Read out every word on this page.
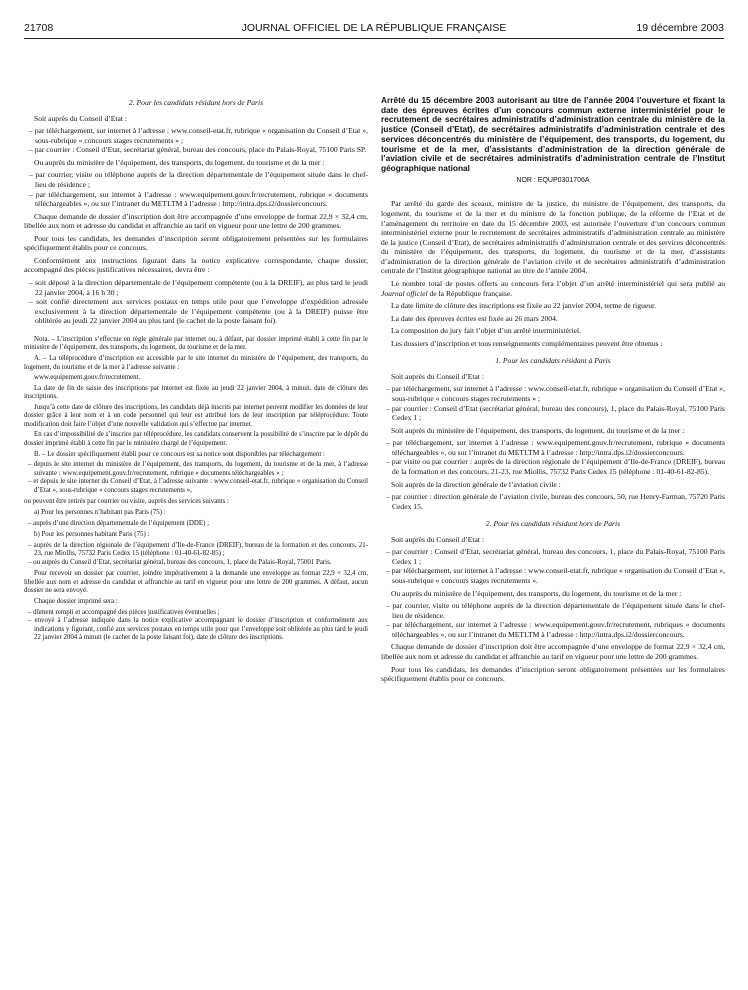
21708	JOURNAL OFFICIEL DE LA RÉPUBLIQUE FRANÇAISE	19 décembre 2003

2. Pour les candidats résidant hors de Paris

Soit auprès du Conseil d’Etat :

– par téléchargement, sur internet à l’adresse : www.conseil-etat.fr, rubrique « organisation du Conseil d’Etat », sous-rubrique « concours stages recrutements » ;
– par courrier : Conseil d’Etat, secrétariat général, bureau des concours, place du Palais-Royal, 75100 Paris SP.

Ou auprès du ministère de l’équipement, des transports, du logement, du tourisme et de la mer :

– par courrier, visite ou téléphone auprès de la direction départementale de l’équipement située dans le chef-lieu de résidence ;
– par téléchargement, sur internet à l’adresse : www.equipement.gouv.fr/recrutement, rubrique « documents téléchargeables », ou sur l’intranet du METLTM à l’adresse : http://intra.dps.i2/dossierconcours.

Chaque demande de dossier d’inscription doit être accompagnée d’une enveloppe de format 22,9 × 32,4 cm, libellée aux nom et adresse du candidat et affranchie au tarif en vigueur pour une lettre de 200 grammes.

Pour tous les candidats, les demandes d’inscription seront obligatoirement présentées sur les formulaires spécifiquement établis pour ce concours.

Conformément aux instructions figurant dans la notice explicative correspondante, chaque dossier, accompagné des pièces justificatives nécessaires, devra être :

– soit déposé à la direction départementale de l’équipement compétente (ou à la DREIF), au plus tard le jeudi 22 janvier 2004, à 16 h 30 ;
– soit confié directement aux services postaux en temps utile pour que l’enveloppe d’expédition adressée exclusivement à la direction départementale de l’équipement compétente (ou à la DREIF) puisse être oblitérée au jeudi 22 janvier 2004 au plus tard (le cachet de la poste faisant foi).

Nota. – L’inscription s’effectue en règle générale par internet ou, à défaut, par dossier imprimé établi à cette fin par le ministère de l’équipement, des transports, du logement, du tourisme et de la mer.

A. – La téléprocédure d’inscription est accessible par le site internet du ministère de l’équipement, des transports, du logement, du tourisme et de la mer à l’adresse suivante :

www.equipement.gouv.fr/recrutement.

La date de fin de saisie des inscriptions par internet est fixée au jeudi 22 janvier 2004, à minuit, date de clôture des inscriptions.

Jusqu’à cette date de clôture des inscriptions, les candidats déjà inscrits par internet peuvent modifier les données de leur dossier grâce à leur nom et à un code personnel qui leur est attribué lors de leur inscription par téléprocédure. Toute modification doit faire l’objet d’une nouvelle validation qui s’effectue par internet.

En cas d’impossibilité de s’inscrire par téléprocédure, les candidats conservent la possibilité de s’inscrire par le dépôt du dossier imprimé établi à cette fin par le ministère chargé de l’équipement.

B. – Le dossier spécifiquement établi pour ce concours est sa notice sont disponibles par téléchargement :

– depuis le site internet du ministère de l’équipement, des transports, du logement, du tourisme et de la mer, à l’adresse suivante : www.equipement.gouv.fr/recrutement, rubrique « documents téléchargeables » ;
– et depuis le site internet du Conseil d’Etat, à l’adresse suivante : www.conseil-etat.fr, rubrique « organisation du Conseil d’Etat », sous-rubrique « concours stages recrutements »,

ou peuvent être retirés par courrier ou visite, auprès des services suivants :

a) Pour les personnes n’habitant pas Paris (75) :

– auprès d’une direction départementale de l’équipement (DDE) ;

b) Pour les personnes habitant Paris (75) :

– auprès de la direction régionale de l’équipement d’Ile-de-France (DREIF), bureau de la formation et des concours, 21-23, rue Miollis, 75732 Paris Cedex 15 (téléphone : 01-40-61-82-85) ;
– ou auprès du Conseil d’Etat, secrétariat général, bureau des concours, 1, place du Palais-Royal, 75001 Paris.

Pour recevoir un dossier par courrier, joindre impérativement à la demande une enveloppe au format 22,9 × 32,4 cm, libellée aux nom et adresse du candidat et affranchie au tarif en vigueur pour une lettre de 200 grammes. A défaut, aucun dossier ne sera envoyé.

Chaque dossier imprimé sera :

– dûment rempli et accompagné des pièces justificatives éventuelles ;
– envoyé à l’adresse indiquée dans la notice explicative accompagnant le dossier d’inscription et conformément aux indications y figurant, confié aux services postaux en temps utile pour que l’enveloppe soit oblitérée au plus tard le jeudi 22 janvier 2004 à minuit (le cachet de la poste faisant foi), date de clôture des inscriptions.

Arrêté du 15 décembre 2003 autorisant au titre de l’année 2004 l’ouverture et fixant la date des épreuves écrites d’un concours commun externe interministériel pour le recrutement de secrétaires administratifs d’administration centrale du ministère de la justice (Conseil d’Etat), de secrétaires administratifs d’administration centrale et des services déconcentrés du ministère de l’équipement, des transports, du logement, du tourisme et de la mer, d’assistants d’administration de la direction générale de l’aviation civile et de secrétaires administratifs d’administration centrale de l’Institut géographique national

NOR : EQUP0301706A

Par arrêté du garde des sceaux, ministre de la justice, du ministre de l’équipement, des transports, du logement, du tourisme et de la mer et du ministre de la fonction publique, de la réforme de l’Etat et de l’aménagement du territoire en date du 15 décembre 2003, est autorisée l’ouverture d’un concours commun interministériel externe pour le recrutement de secrétaires administratifs d’administration centrale au ministère de la justice (Conseil d’Etat), de secrétaires administratifs d’administration centrale et des services déconcentrés du ministère de l’équipement, des transports, du logement, du tourisme et de la mer, d’assistants d’administration de la direction générale de l’aviation civile et de secrétaires administratifs d’administration centrale de l’Institut géographique national au titre de l’année 2004.

Le nombre total de postes offerts au concours fera l’objet d’un arrêté interministériel qui sera publié au Journal officiel de la République française.

La date limite de clôture des inscriptions est fixée au 22 janvier 2004, terme de rigueur.

La date des épreuves écrites est fixée au 26 mars 2004.

La composition du jury fait l’objet d’un arrêté interministériel.

Les dossiers d’inscription et tous renseignements complémentaires peuvent être obtenus :

1. Pour les candidats résidant à Paris

Soit auprès du Conseil d’Etat :

– par téléchargement, sur internet à l’adresse : www.conseil-etat.fr, rubrique « organisation du Conseil d’Etat », sous-rubrique « concours stages recrutements » ;
– par courrier : Conseil d’Etat (secrétariat général, bureau des concours), 1, place du Palais-Royal, 75100 Paris Cedex 1 ;

Soit auprès du ministère de l’équipement, des transports, du logement, du tourisme et de la mer :

– par téléchargement, sur internet à l’adresse : www.equipement.gouv.fr/recrutement, rubrique « documents téléchargeables », ou sur l’intranet du METLTM à l’adresse : http://intra.dps.i2/dossierconcours.
– par visite ou par courrier : auprès de la direction régionale de l’équipement d’Ile-de-France (DREIF), bureau de la formation et des concours, 21-23, rue Miollis, 75732 Paris Cedex 15 (téléphone : 01-40-61-82-85).

Soit auprès de la direction générale de l’aviation civile :

– par courrier : direction générale de l’aviation civile, bureau des concours, 50, rue Henry-Farman, 75720 Paris Cedex 15.

2. Pour les candidats résidant hors de Paris

Soit auprès du Conseil d’Etat :

– par courrier : Conseil d’Etat, secrétariat général, bureau des concours, 1, place du Palais-Royal, 75100 Paris Cedex 1 ;
– par téléchargement, sur internet à l’adresse : www.conseil-etat.fr, rubrique « organisation du Conseil d’Etat », sous-rubrique « concours stages recrutements ».

Ou auprès du ministère de l’équipement, des transports, du logement, du tourisme et de la mer :

– par courrier, visite ou téléphone auprès de la direction départementale de l’équipement située dans le chef-lieu de résidence.
– par téléchargement, sur internet à l’adresse : www.equipement.gouv.fr/recrutement, rubriques « documents téléchargeables », ou sur l’intranet du METLTM à l’adresse : http://intra.dps.i2/dossierconcours.

Chaque demande de dossier d’inscription doit être accompagnée d’une enveloppe de format 22,9 × 32,4 cm, libellée aux nom et adresse du candidat et affranchie au tarif en vigueur pour une lettre de 200 grammes.

Pour tous les candidats, les demandes d’inscription seront obligatoirement présentées sur les formulaires spécifiquement établis pour ce concours.
